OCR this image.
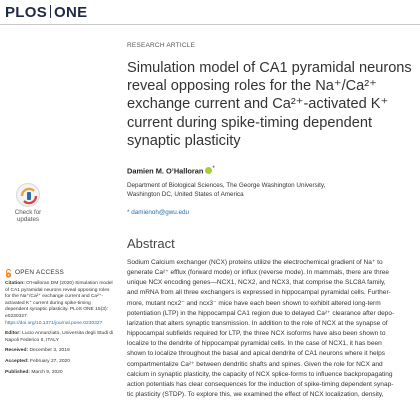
PLOS ONE
RESEARCH ARTICLE
Simulation model of CA1 pyramidal neurons reveal opposing roles for the Na⁺/Ca²⁺ exchange current and Ca²⁺-activated K⁺ current during spike-timing dependent synaptic plasticity
Damien M. O’Halloran *
Department of Biological Sciences, The George Washington University, Washington DC, United States of America
* damienoh@gwu.edu
Check for
updates
OPEN ACCESS

Citation: O’Halloran DM (2020) Simulation model of CA1 pyramidal neurons reveal opposing roles for the Na⁺/Ca²⁺ exchange current and Ca²⁺-activated K⁺ current during spike-timing dependent synaptic plasticity. PLoS ONE 15(3): e0230327. https://doi.org/10.1371/journal.pone.0230327

Editor: Lucio Annunziato, Universita degli Studi di Napoli Federico II, ITALY

Received: December 3, 2019

Accepted: February 27, 2020

Published: March 9, 2020

Abstract
Sodium Calcium exchanger (NCX) proteins utilize the electrochemical gradient of Na⁺ to
generate Ca²⁺ efflux (forward mode) or influx (reverse mode). In mammals, there are three
unique NCX encoding genes—NCX1, NCX2, and NCX3, that comprise the SLC8A family,
and mRNA from all three exchangers is expressed in hippocampal pyramidal cells. Further-
more, mutant ncx2⁻ and ncx3⁻ mice have each been shown to exhibit altered long-term
potentiation (LTP) in the hippocampal CA1 region due to delayed Ca²⁺ clearance after depo-
larization that alters synaptic transmission. In addition to the role of NCX at the synapse of
hippocampal subfields required for LTP, the three NCX isoforms have also been shown to
localize to the dendrite of hippocampal pyramidal cells. In the case of NCX1, it has been
shown to localize throughout the basal and apical dendrite of CA1 neurons where it helps
compartmentalize Ca²⁺ between dendritic shafts and spines. Given the role for NCX and
calcium in synaptic plasticity, the capacity of NCX splice-forms to influence backpropagating
action potentials has clear consequences for the induction of spike-timing dependent synap-
tic plasticity (STDP). To explore this, we examined the effect of NCX localization, density,
